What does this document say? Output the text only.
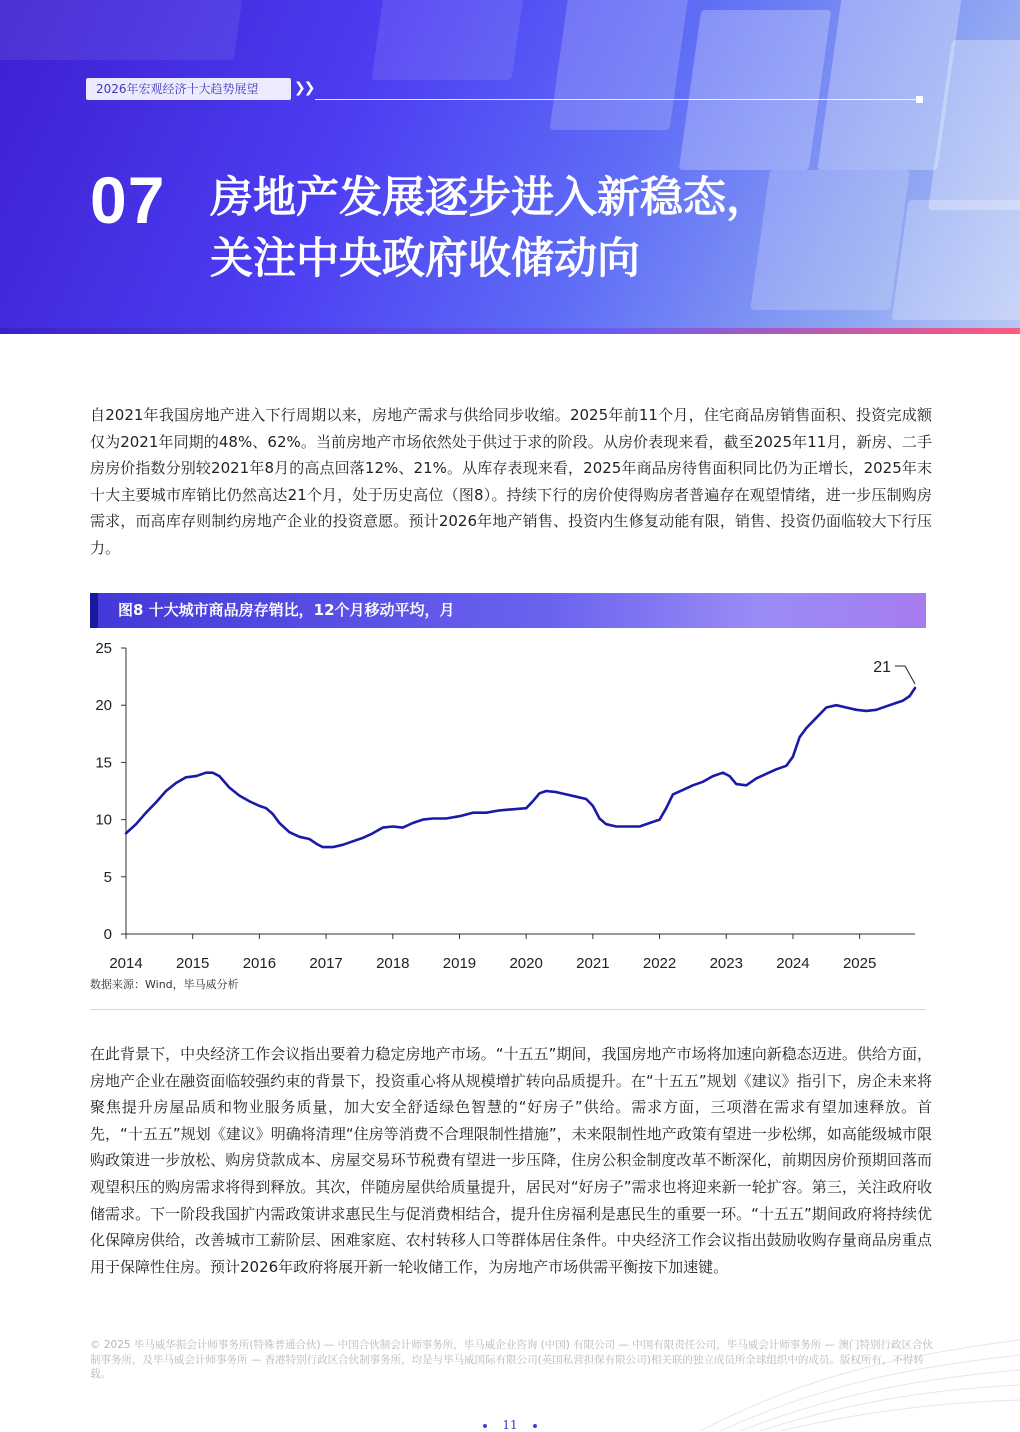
2026年宏观经济十大趋势展望	❯❯
07 房地产发展逐步进入新稳态，
关注中央政府收储动向
自2021年我国房地产进入下行周期以来，房地产需求与供给同步收缩。2025年前11个月，住宅商品房销售面积、投资完成额仅为2021年同期的48%、62%。当前房地产市场依然处于供过于求的阶段。从房价表现来看，截至2025年11月，新房、二手房房价指数分别较2021年8月的高点回落12%、21%。从库存表现来看，2025年商品房待售面积同比仍为正增长，2025年末十大主要城市库销比仍然高达21个月，处于历史高位（图8）。持续下行的房价使得购房者普遍存在观望情绪，进一步压制购房需求，而高库存则制约房地产企业的投资意愿。预计2026年地产销售、投资内生修复动能有限，销售、投资仍面临较大下行压力。
图8 十大城市商品房存销比，12个月移动平均，月
0
5
10
15
20
25
2014 2015 2016 2017 2018 2019 2020 2021 2022 2023 2024 2025
21
数据来源：Wind，毕马威分析
在此背景下，中央经济工作会议指出要着力稳定房地产市场。“十五五”期间，我国房地产市场将加速向新稳态迈进。供给方面，房地产企业在融资面临较强约束的背景下，投资重心将从规模增扩转向品质提升。在“十五五”规划《建议》指引下，房企未来将聚焦提升房屋品质和物业服务质量，加大安全舒适绿色智慧的“好房子”供给。需求方面，三项潜在需求有望加速释放。首先，“十五五”规划《建议》明确将清理“住房等消费不合理限制性措施”，未来限制性地产政策有望进一步松绑，如高能级城市限购政策进一步放松、购房贷款成本、房屋交易环节税费有望进一步压降，住房公积金制度改革不断深化，前期因房价预期回落而观望积压的购房需求将得到释放。其次，伴随房屋供给质量提升，居民对“好房子”需求也将迎来新一轮扩容。第三，关注政府收储需求。下一阶段我国扩内需政策讲求惠民生与促消费相结合，提升住房福利是惠民生的重要一环。“十五五”期间政府将持续优化保障房供给，改善城市工薪阶层、困难家庭、农村转移人口等群体居住条件。中央经济工作会议指出鼓励收购存量商品房重点用于保障性住房。预计2026年政府将展开新一轮收储工作，为房地产市场供需平衡按下加速键。
© 2025 毕马威华振会计师事务所(特殊普通合伙) — 中国合伙制会计师事务所，毕马威企业咨询 (中国) 有限公司 — 中国有限责任公司，毕马威会计师事务所 — 澳门特别行政区合伙制事务所，及毕马威会计师事务所 — 香港特别行政区合伙制事务所，均是与毕马威国际有限公司(英国私营担保有限公司)相关联的独立成员所全球组织中的成员。版权所有，不得转载。
11
